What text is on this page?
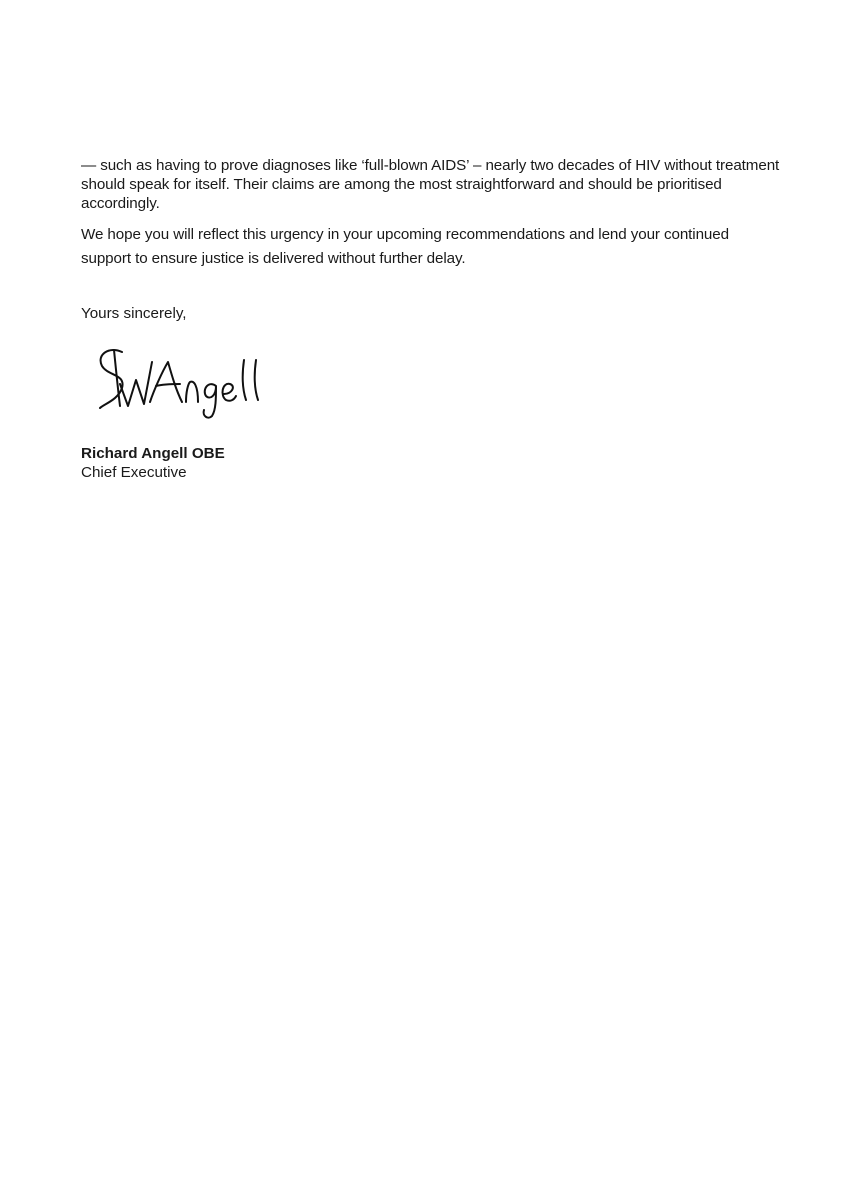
— such as having to prove diagnoses like ‘full-blown AIDS’ – nearly two decades of HIV without treatment should speak for itself. Their claims are among the most straightforward and should be prioritised accordingly.

We hope you will reflect this urgency in your upcoming recommendations and lend your continued support to ensure justice is delivered without further delay.

Yours sincerely,

Richard Angell OBE

Chief Executive
